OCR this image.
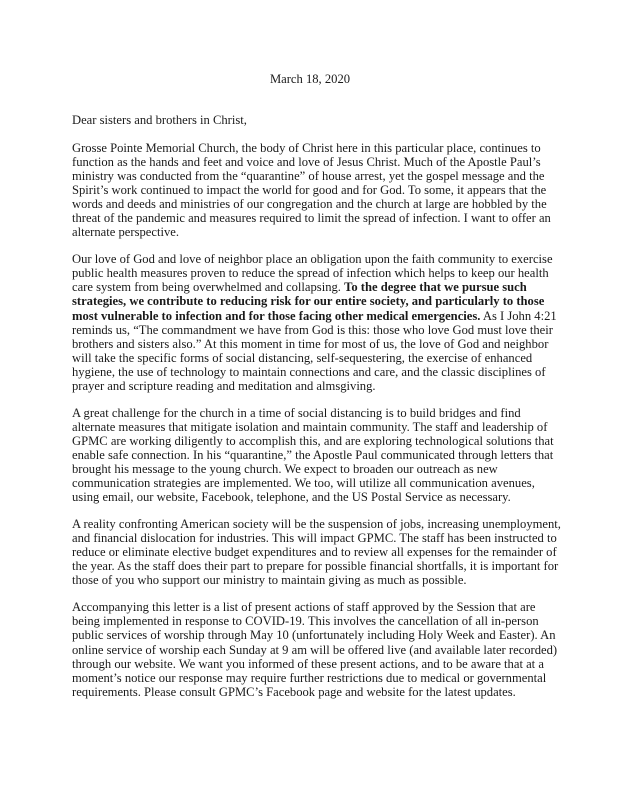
March 18, 2020
Dear sisters and brothers in Christ,

Grosse Pointe Memorial Church, the body of Christ here in this particular place, continues to
function as the hands and feet and voice and love of Jesus Christ. Much of the Apostle Paul’s
ministry was conducted from the “quarantine” of house arrest, yet the gospel message and the
Spirit’s work continued to impact the world for good and for God. To some, it appears that the
words and deeds and ministries of our congregation and the church at large are hobbled by the
threat of the pandemic and measures required to limit the spread of infection. I want to offer an
alternate perspective.

Our love of God and love of neighbor place an obligation upon the faith community to exercise
public health measures proven to reduce the spread of infection which helps to keep our health
care system from being overwhelmed and collapsing. To the degree that we pursue such
strategies, we contribute to reducing risk for our entire society, and particularly to those
most vulnerable to infection and for those facing other medical emergencies. As I John 4:21
reminds us, “The commandment we have from God is this: those who love God must love their
brothers and sisters also.” At this moment in time for most of us, the love of God and neighbor
will take the specific forms of social distancing, self-sequestering, the exercise of enhanced
hygiene, the use of technology to maintain connections and care, and the classic disciplines of
prayer and scripture reading and meditation and almsgiving.

A great challenge for the church in a time of social distancing is to build bridges and find
alternate measures that mitigate isolation and maintain community. The staff and leadership of
GPMC are working diligently to accomplish this, and are exploring technological solutions that
enable safe connection. In his “quarantine,” the Apostle Paul communicated through letters that
brought his message to the young church. We expect to broaden our outreach as new
communication strategies are implemented. We too, will utilize all communication avenues,
using email, our website, Facebook, telephone, and the US Postal Service as necessary.

A reality confronting American society will be the suspension of jobs, increasing unemployment,
and financial dislocation for industries. This will impact GPMC. The staff has been instructed to
reduce or eliminate elective budget expenditures and to review all expenses for the remainder of
the year. As the staff does their part to prepare for possible financial shortfalls, it is important for
those of you who support our ministry to maintain giving as much as possible.

Accompanying this letter is a list of present actions of staff approved by the Session that are
being implemented in response to COVID-19. This involves the cancellation of all in-person
public services of worship through May 10 (unfortunately including Holy Week and Easter). An
online service of worship each Sunday at 9 am will be offered live (and available later recorded)
through our website. We want you informed of these present actions, and to be aware that at a
moment’s notice our response may require further restrictions due to medical or governmental
requirements. Please consult GPMC’s Facebook page and website for the latest updates.
